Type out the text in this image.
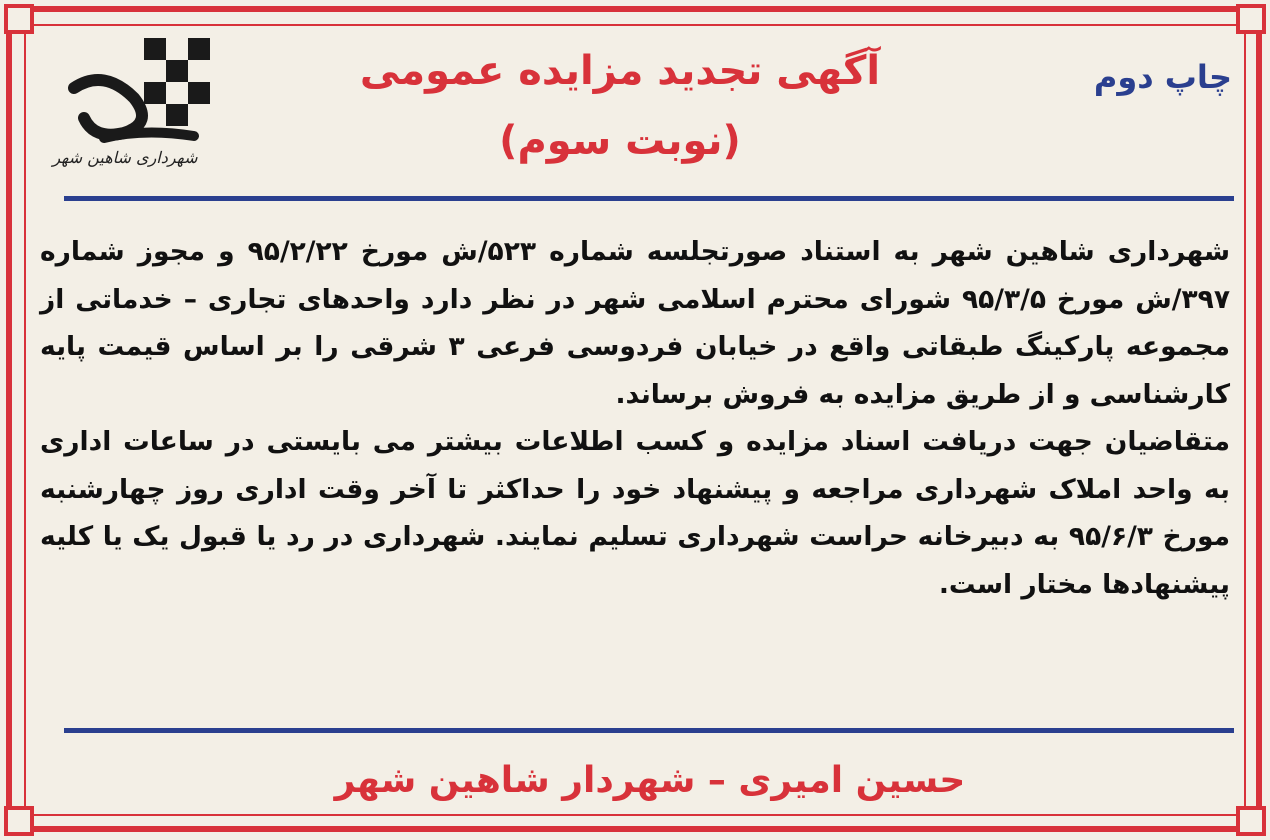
شهرداری شاهین شهر
چاپ دوم
آگهی تجدید مزایده عمومی
(نوبت سوم)

شهرداری شاهین شهر به استناد صورتجلسه شماره ۵۲۳/ش مورخ ۹۵/۲/۲۲ و مجوز شماره ۳۹۷/ش مورخ ۹۵/۳/۵ شورای محترم اسلامی شهر در نظر دارد واحدهای تجاری – خدماتی از مجموعه پارکینگ طبقاتی واقع در خیابان فردوسی فرعی ۳ شرقی را بر اساس قیمت پایه کارشناسی و از طریق مزایده به فروش برساند.

متقاضیان جهت دریافت اسناد مزایده و کسب اطلاعات بیشتر می بایستی در ساعات اداری به واحد املاک شهرداری مراجعه و پیشنهاد خود را حداکثر تا آخر وقت اداری روز چهارشنبه مورخ ۹۵/۶/۳ به دبیرخانه حراست شهرداری تسلیم نمایند. شهرداری در رد یا قبول یک یا کلیه پیشنهادها مختار است.

حسین امیری – شهردار شاهین شهر
